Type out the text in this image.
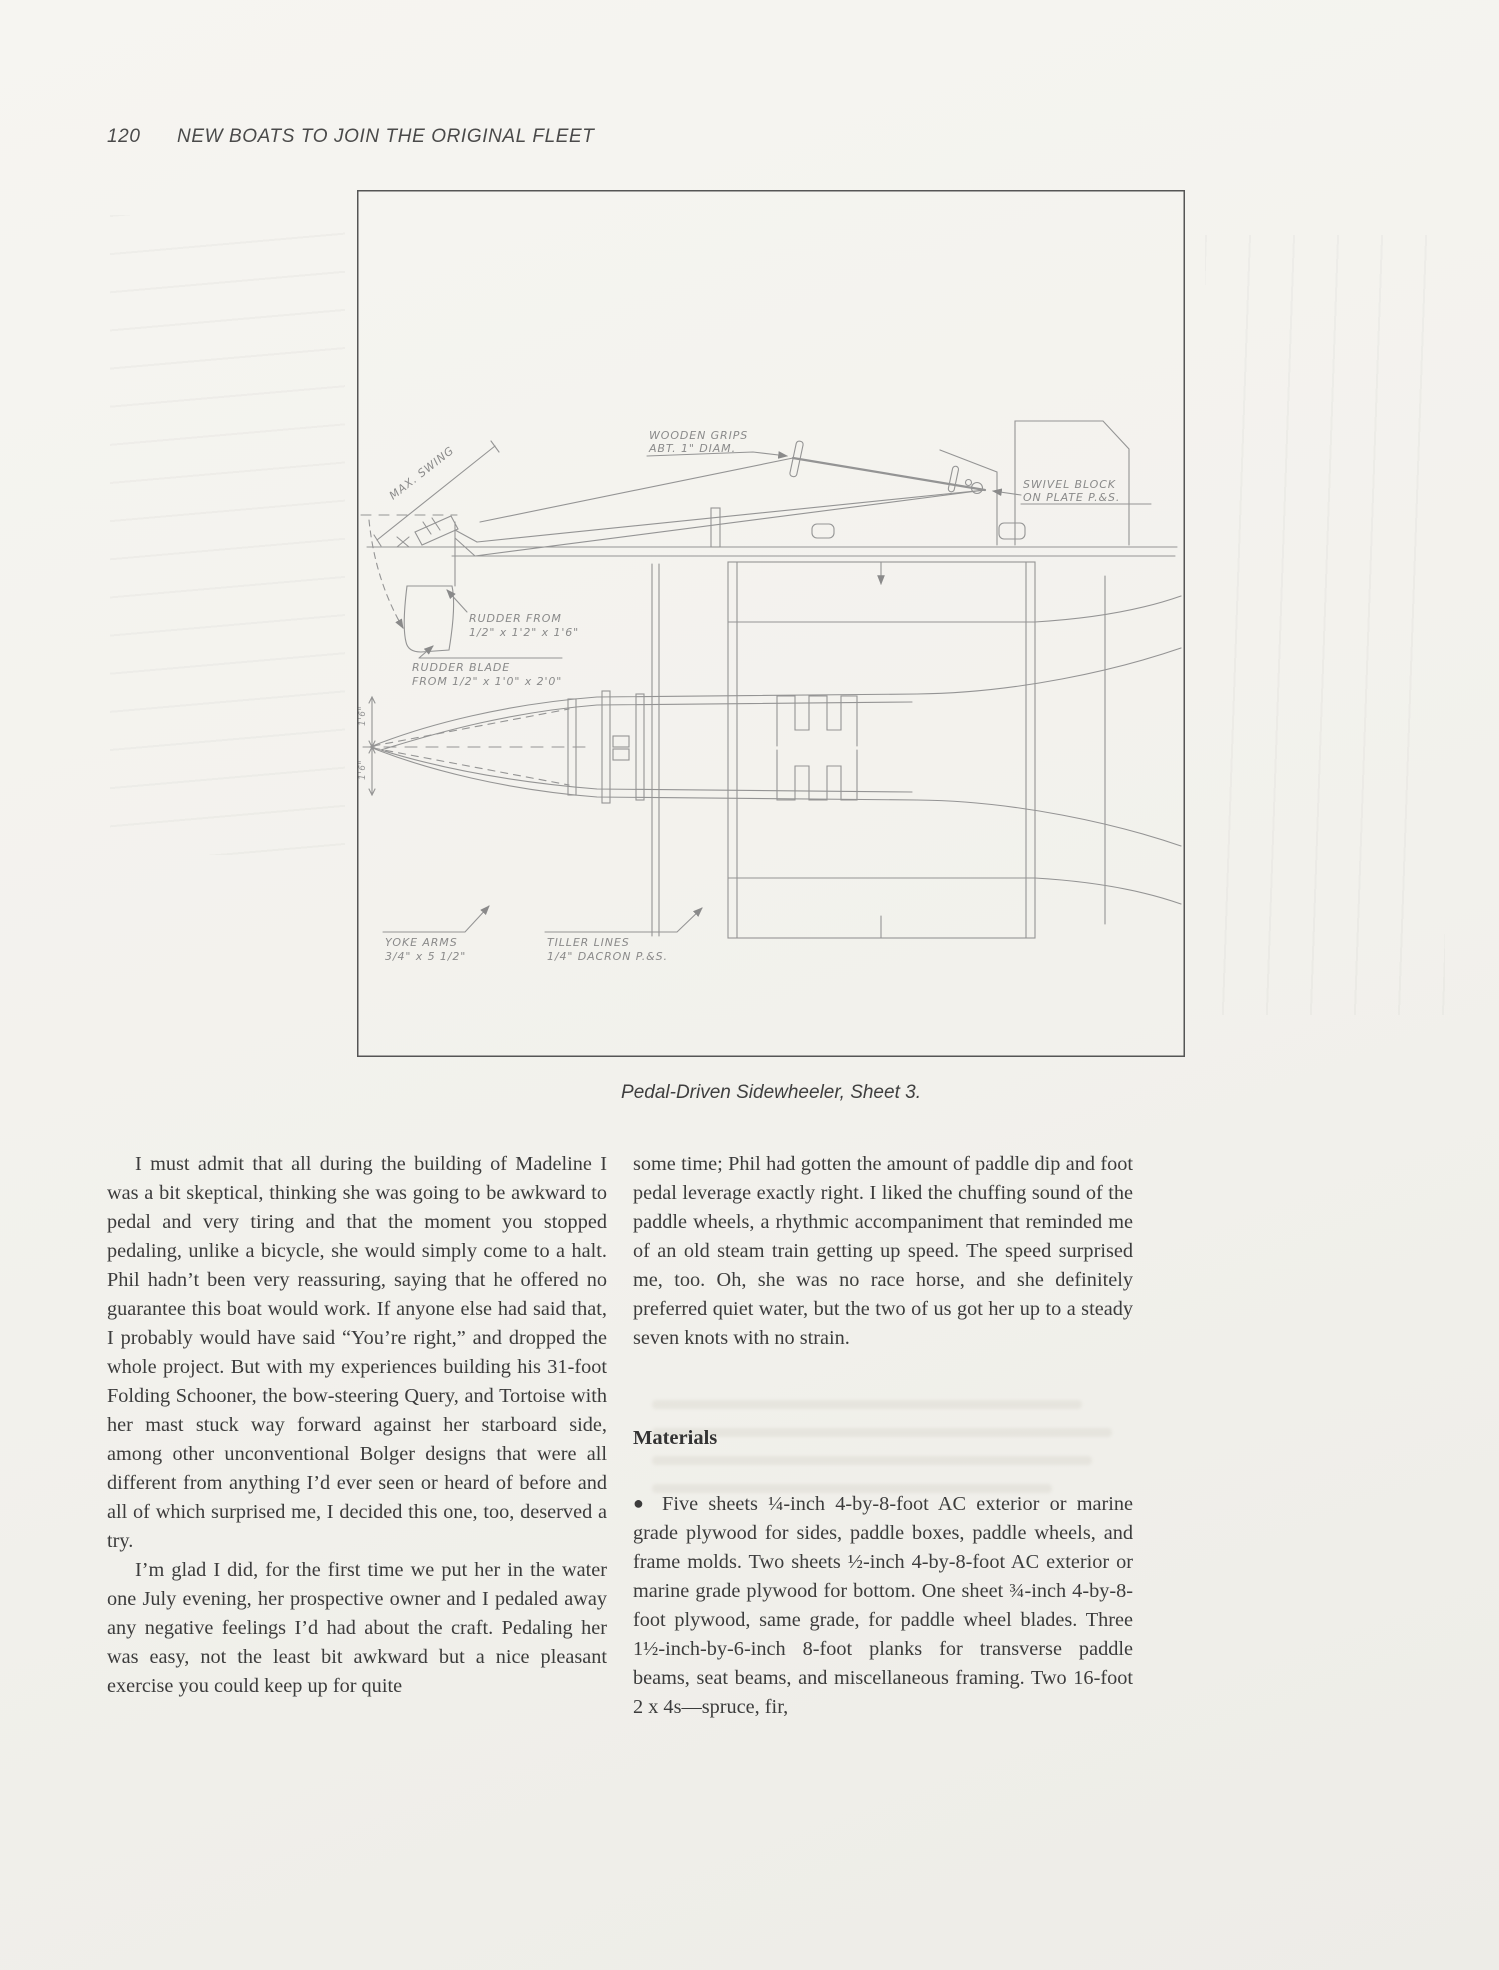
120 NEW BOATS TO JOIN THE ORIGINAL FLEET
MAX. SWING
WOODEN GRIPS ABT. 1" DIAM.
SWIVEL BLOCK ON PLATE P.&S.
RUDDER FROM 1/2" x 1'2" x 1'6"
RUDDER BLADE FROM 1/2" x 1'0" x 2'0"
YOKE ARMS 3/4" x 5 1/2"
TILLER LINES 1/4" DACRON P.&S.
1'6"
1'6"
Pedal-Driven Sidewheeler, Sheet 3.

I must admit that all during the building of Madeline I was a bit skeptical, thinking she was going to be awkward to pedal and very tiring and that the moment you stopped pedaling, unlike a bicycle, she would simply come to a halt. Phil hadn’t been very reassuring, saying that he offered no guarantee this boat would work. If anyone else had said that, I probably would have said “You’re right,” and dropped the whole project. But with my experiences building his 31-foot Folding Schooner, the bow-steering Query, and Tortoise with her mast stuck way forward against her starboard side, among other unconventional Bolger designs that were all different from anything I’d ever seen or heard of before and all of which surprised me, I decided this one, too, deserved a try.

I’m glad I did, for the first time we put her in the water one July evening, her prospective owner and I pedaled away any negative feelings I’d had about the craft. Pedaling her was easy, not the least bit awkward but a nice pleasant exercise you could keep up for quite

some time; Phil had gotten the amount of paddle dip and foot pedal leverage exactly right. I liked the chuffing sound of the paddle wheels, a rhythmic accompaniment that reminded me of an old steam train getting up speed. The speed surprised me, too. Oh, she was no race horse, and she definitely preferred quiet water, but the two of us got her up to a steady seven knots with no strain.

Materials

● Five sheets ¼-inch 4-by-8-foot AC exterior or marine grade plywood for sides, paddle boxes, paddle wheels, and frame molds. Two sheets ½-inch 4-by-8-foot AC exterior or marine grade plywood for bottom. One sheet ¾-inch 4-by-8-foot plywood, same grade, for paddle wheel blades. Three 1½-inch-by-6-inch 8-foot planks for transverse paddle beams, seat beams, and miscellaneous framing. Two 16-foot 2 x 4s—spruce, fir,
